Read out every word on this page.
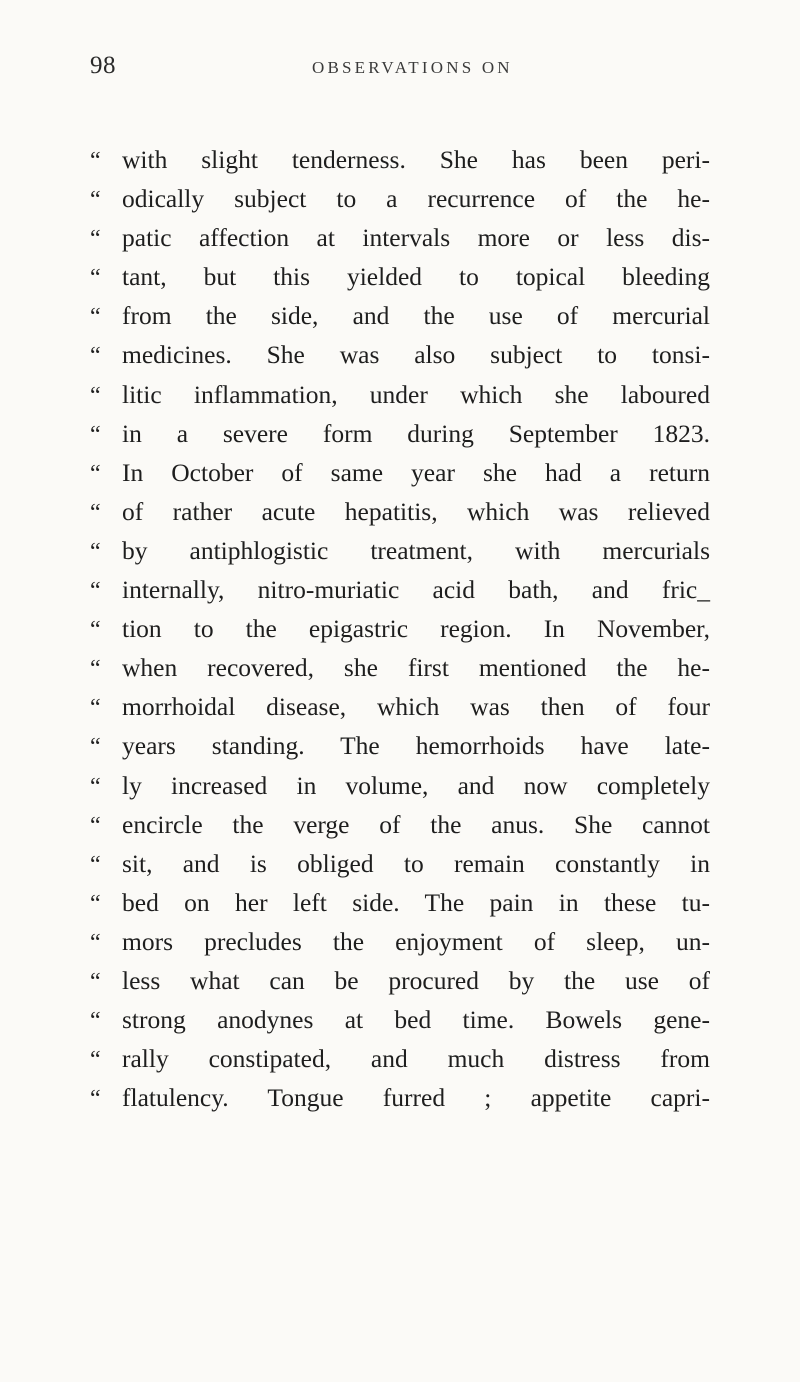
98	OBSERVATIONS ON
“ with slight tenderness. She has been peri-
“ odically subject to a recurrence of the he-
“ patic affection at intervals more or less dis-
“ tant, but this yielded to topical bleeding
“ from the side, and the use of mercurial
“ medicines. She was also subject to tonsi-
“ litic inflammation, under which she laboured
“ in a severe form during September 1823.
“ In October of same year she had a return
“ of rather acute hepatitis, which was relieved
“ by antiphlogistic treatment, with mercurials
“ internally, nitro-muriatic acid bath, and fric_
“ tion to the epigastric region. In November,
“ when recovered, she first mentioned the he-
“ morrhoidal disease, which was then of four
“ years standing. The hemorrhoids have late-
“ ly increased in volume, and now completely
“ encircle the verge of the anus. She cannot
“ sit, and is obliged to remain constantly in
“ bed on her left side. The pain in these tu-
“ mors precludes the enjoyment of sleep, un-
“ less what can be procured by the use of
“ strong anodynes at bed time. Bowels gene-
“ rally constipated, and much distress from
“ flatulency. Tongue furred ; appetite capri-
